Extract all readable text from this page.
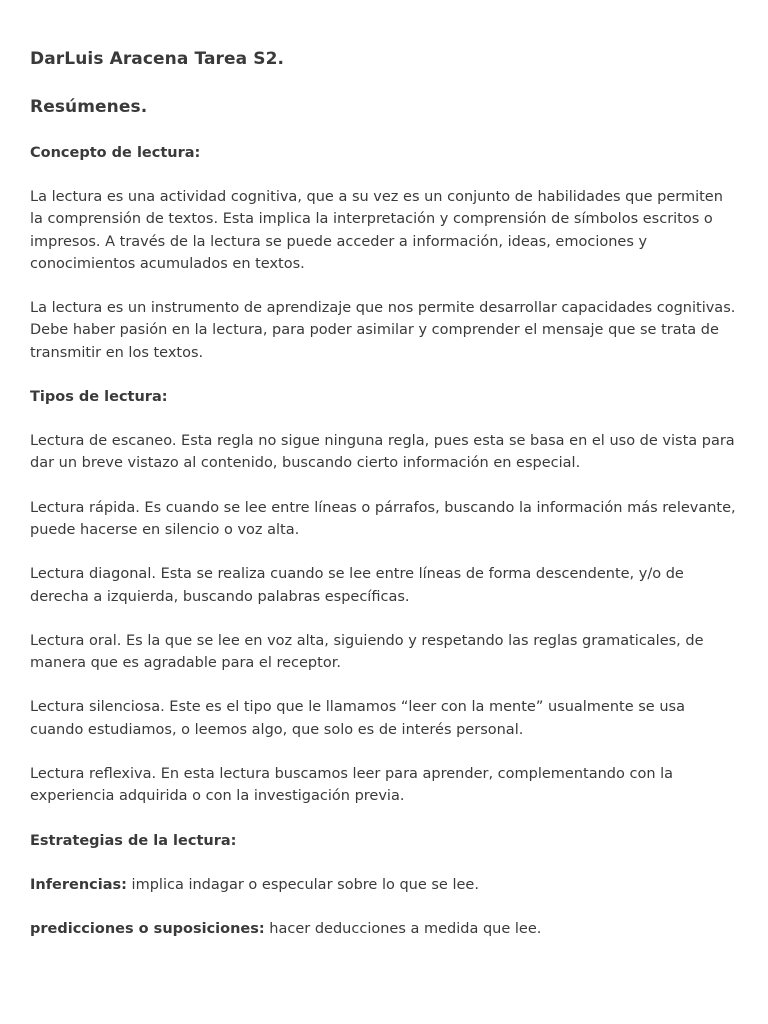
DarLuis Aracena Tarea S2.
Resúmenes.
Concepto de lectura:

La lectura es una actividad cognitiva, que a su vez es un conjunto de habilidades que permiten la comprensión de textos. Esta implica la interpretación y comprensión de símbolos escritos o impresos. A través de la lectura se puede acceder a información, ideas, emociones y conocimientos acumulados en textos.

La lectura es un instrumento de aprendizaje que nos permite desarrollar capacidades cognitivas. Debe haber pasión en la lectura, para poder asimilar y comprender el mensaje que se trata de transmitir en los textos.

Tipos de lectura:

Lectura de escaneo. Esta regla no sigue ninguna regla, pues esta se basa en el uso de vista para dar un breve vistazo al contenido, buscando cierto información en especial.

Lectura rápida. Es cuando se lee entre líneas o párrafos, buscando la información más relevante, puede hacerse en silencio o voz alta.

Lectura diagonal. Esta se realiza cuando se lee entre líneas de forma descendente, y/o de derecha a izquierda, buscando palabras específicas.

Lectura oral. Es la que se lee en voz alta, siguiendo y respetando las reglas gramaticales, de manera que es agradable para el receptor.

Lectura silenciosa. Este es el tipo que le llamamos “leer con la mente” usualmente se usa cuando estudiamos, o leemos algo, que solo es de interés personal.

Lectura reflexiva. En esta lectura buscamos leer para aprender, complementando con la experiencia adquirida o con la investigación previa.

Estrategias de la lectura:

Inferencias: implica indagar o especular sobre lo que se lee.

predicciones o suposiciones: hacer deducciones a medida que lee.
